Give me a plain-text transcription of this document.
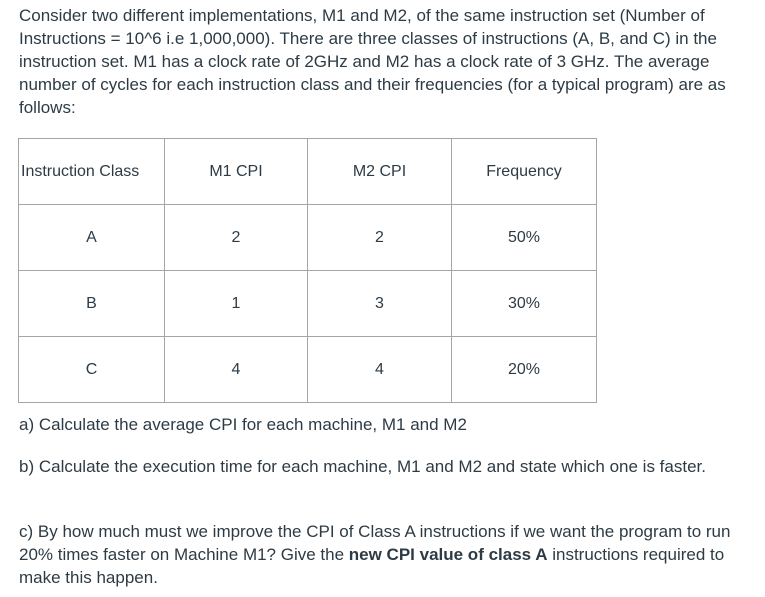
Consider two different implementations, M1 and M2, of the same instruction set (Number of Instructions = 10^6 i.e 1,000,000). There are three classes of instructions (A, B, and C) in the instruction set. M1 has a clock rate of 2GHz and M2 has a clock rate of 3 GHz. The average number of cycles for each instruction class and their frequencies (for a typical program) are as follows:

Instruction Class	M1 CPI	M2 CPI	Frequency
A	2	2	50%
B	1	3	30%
C	4	4	20%

a) Calculate the average CPI for each machine, M1 and M2

b) Calculate the execution time for each machine, M1 and M2 and state which one is faster.

c) By how much must we improve the CPI of Class A instructions if we want the program to run 20% times faster on Machine M1? Give the new CPI value of class A instructions required to make this happen.
